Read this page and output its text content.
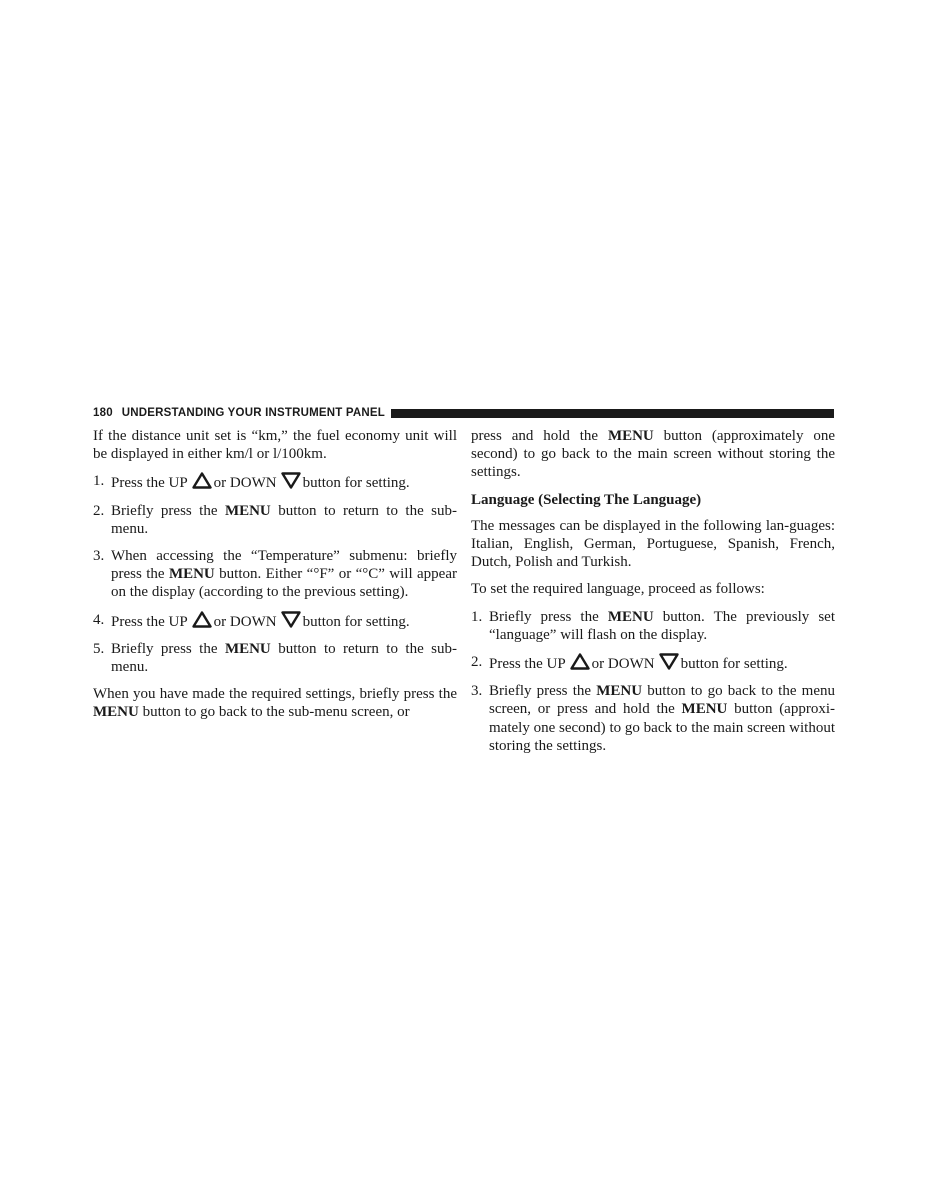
180 UNDERSTANDING YOUR INSTRUMENT PANEL

If the distance unit set is “km,” the fuel economy unit will be displayed in either km/l or l/100km.

1. Press the UP or DOWN button for setting.
2. Briefly press the MENU button to return to the sub-menu.
3. When accessing the “Temperature” submenu: briefly press the MENU button. Either “°F” or “°C” will appear on the display (according to the previous setting).
4. Press the UP or DOWN button for setting.
5. Briefly press the MENU button to return to the sub-menu.

When you have made the required settings, briefly press the MENU button to go back to the sub-menu screen, or

press and hold the MENU button (approximately one second) to go back to the main screen without storing the settings.

Language (Selecting The Language)

The messages can be displayed in the following lan-guages: Italian, English, German, Portuguese, Spanish, French, Dutch, Polish and Turkish.

To set the required language, proceed as follows:

1. Briefly press the MENU button. The previously set “language” will flash on the display.
2. Press the UP or DOWN button for setting.
3. Briefly press the MENU button to go back to the menu screen, or press and hold the MENU button (approxi-mately one second) to go back to the main screen without storing the settings.
